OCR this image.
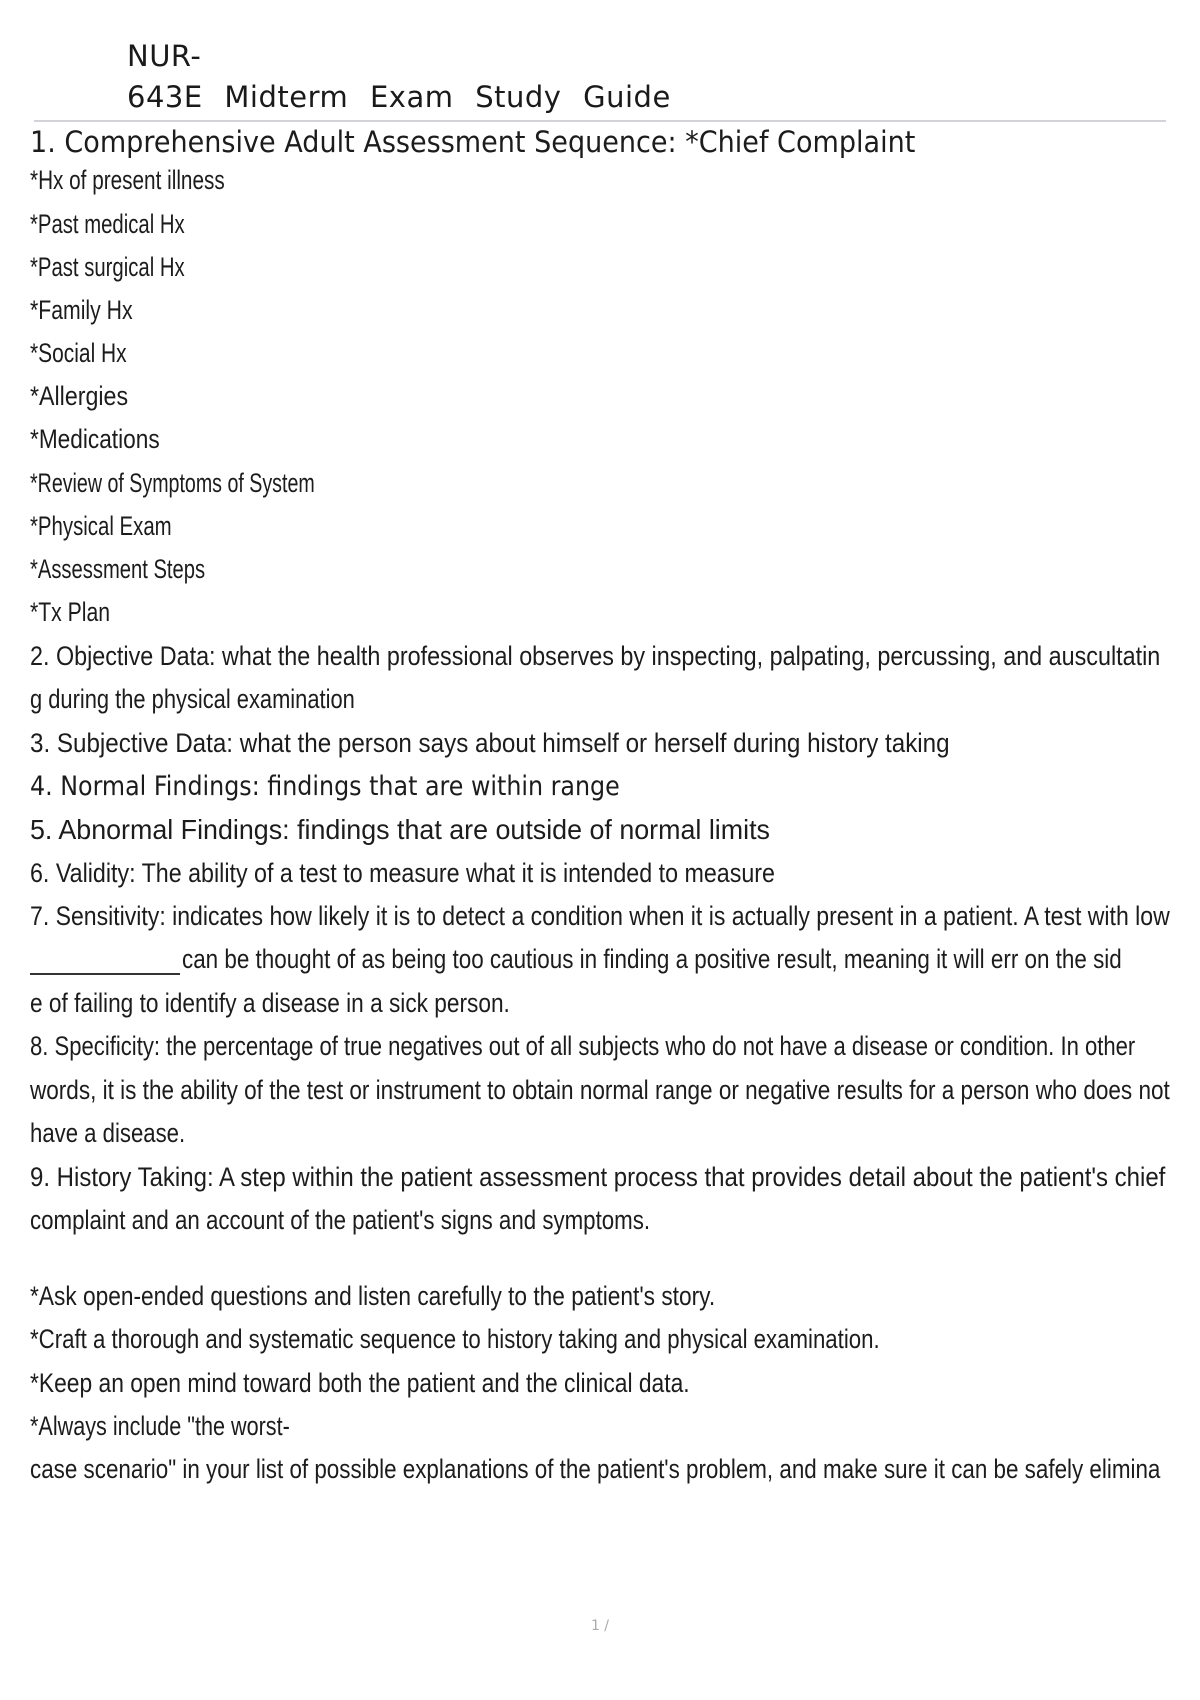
NUR-
643E Midterm Exam Study Guide
1. Comprehensive Adult Assessment Sequence: *Chief Complaint
*Hx of present illness
*Past medical Hx
*Past surgical Hx
*Family Hx
*Social Hx
*Allergies
*Medications
*Review of Symptoms of System
*Physical Exam
*Assessment Steps
*Tx Plan
2. Objective Data: what the health professional observes by inspecting, palpating, percussing, and auscultatin
g during the physical examination
3. Subjective Data: what the person says about himself or herself during history taking
4. Normal Findings: findings that are within range
5. Abnormal Findings: findings that are outside of normal limits
6. Validity: The ability of a test to measure what it is intended to measure
7. Sensitivity: indicates how likely it is to detect a condition when it is actually present in a patient. A test with low
can be thought of as being too cautious in finding a positive result, meaning it will err on the sid
e of failing to identify a disease in a sick person.
8. Specificity: the percentage of true negatives out of all subjects who do not have a disease or condition. In other
words, it is the ability of the test or instrument to obtain normal range or negative results for a person who does not
have a disease.
9. History Taking: A step within the patient assessment process that provides detail about the patient's chief
complaint and an account of the patient's signs and symptoms.
*Ask open-ended questions and listen carefully to the patient's story.
*Craft a thorough and systematic sequence to history taking and physical examination.
*Keep an open mind toward both the patient and the clinical data.
*Always include "the worst-
case scenario" in your list of possible explanations of the patient's problem, and make sure it can be safely elimina
1 /
